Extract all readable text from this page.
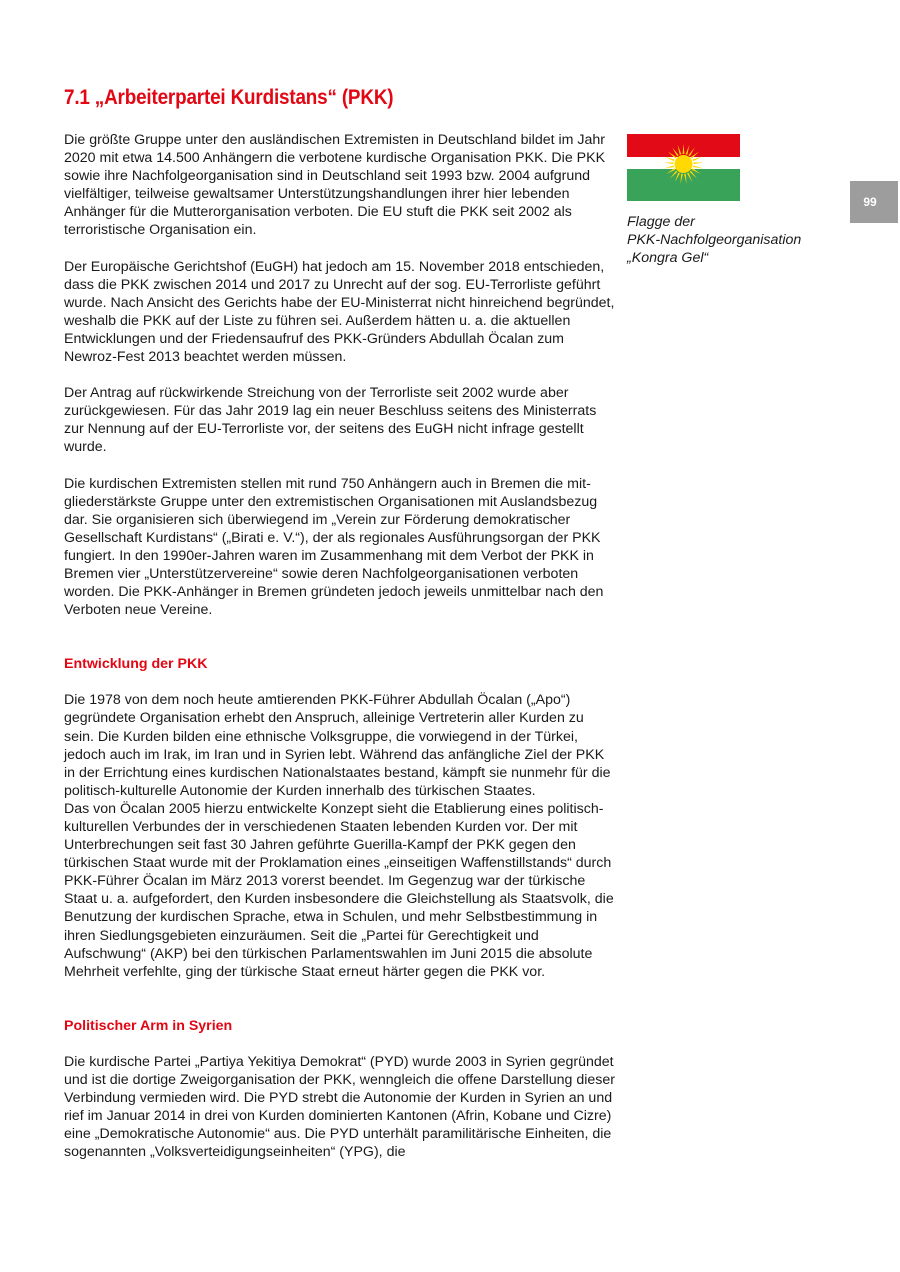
7.1 „Arbeiterpartei Kurdistans“ (PKK)

Die größte Gruppe unter den ausländischen Extremisten in Deutschland bildet im Jahr 2020 mit etwa 14.500 Anhängern die verbotene kurdische Organisation PKK. Die PKK sowie ihre Nachfolgeorganisation sind in Deutschland seit 1993 bzw. 2004 aufgrund vielfältiger, teilweise gewaltsamer Unterstützungshandlungen ihrer hier lebenden Anhänger für die Mutterorganisation verboten. Die EU stuft die PKK seit 2002 als terroristische Organisation ein.

Der Europäische Gerichtshof (EuGH) hat jedoch am 15. November 2018 entschieden, dass die PKK zwischen 2014 und 2017 zu Unrecht auf der sog. EU-Terrorliste geführt wurde. Nach Ansicht des Gerichts habe der EU-Ministerrat nicht hinreichend begründet, weshalb die PKK auf der Liste zu führen sei. Außerdem hätten u. a. die aktuellen Entwicklungen und der Friedensaufruf des PKK-Gründers Abdullah Öcalan zum Newroz-Fest 2013 beachtet werden müssen.

Der Antrag auf rückwirkende Streichung von der Terrorliste seit 2002 wurde aber zurückgewiesen. Für das Jahr 2019 lag ein neuer Beschluss seitens des Ministerrats zur Nennung auf der EU-Terrorliste vor, der seitens des EuGH nicht infrage gestellt wurde.

Die kurdischen Extremisten stellen mit rund 750 Anhängern auch in Bremen die mitgliederstärkste Gruppe unter den extremistischen Organisationen mit Auslandsbezug dar. Sie organisieren sich überwiegend im „Verein zur Förderung demokratischer Gesellschaft Kurdistans“ („Birati e. V.“), der als regionales Ausführungsorgan der PKK fungiert. In den 1990er-Jahren waren im Zusammenhang mit dem Verbot der PKK in Bremen vier „Unterstützervereine“ sowie deren Nachfolgeorganisationen verboten worden. Die PKK-Anhänger in Bremen gründeten jedoch jeweils unmittelbar nach den Verboten neue Vereine.

Entwicklung der PKK

Die 1978 von dem noch heute amtierenden PKK-Führer Abdullah Öcalan („Apo“) gegründete Organisation erhebt den Anspruch, alleinige Vertreterin aller Kurden zu sein. Die Kurden bilden eine ethnische Volksgruppe, die vorwiegend in der Türkei, jedoch auch im Irak, im Iran und in Syrien lebt. Während das anfängliche Ziel der PKK in der Errichtung eines kurdischen Nationalstaates bestand, kämpft sie nunmehr für die politisch-kulturelle Autonomie der Kurden innerhalb des türkischen Staates.

Das von Öcalan 2005 hierzu entwickelte Konzept sieht die Etablierung eines politisch-kulturellen Verbundes der in verschiedenen Staaten lebenden Kurden vor. Der mit Unterbrechungen seit fast 30 Jahren geführte Guerilla-Kampf der PKK gegen den türkischen Staat wurde mit der Proklamation eines „einseitigen Waffenstillstands“ durch PKK-Führer Öcalan im März 2013 vorerst beendet. Im Gegenzug war der türkische Staat u. a. aufgefordert, den Kurden insbesondere die Gleichstellung als Staatsvolk, die Benutzung der kurdischen Sprache, etwa in Schulen, und mehr Selbstbestimmung in ihren Siedlungsgebieten einzuräumen. Seit die „Partei für Gerechtigkeit und Aufschwung“ (AKP) bei den türkischen Parlamentswahlen im Juni 2015 die absolute Mehrheit verfehlte, ging der türkische Staat erneut härter gegen die PKK vor.

Politischer Arm in Syrien

Die kurdische Partei „Partiya Yekitiya Demokrat“ (PYD) wurde 2003 in Syrien gegründet und ist die dortige Zweigorganisation der PKK, wenngleich die offene Darstellung dieser Verbindung vermieden wird. Die PYD strebt die Autonomie der Kurden in Syrien an und rief im Januar 2014 in drei von Kurden dominierten Kantonen (Afrin, Kobane und Cizre) eine „Demokratische Autonomie“ aus. Die PYD unterhält paramilitärische Einheiten, die sogenannten „Volksverteidigungseinheiten“ (YPG), die

Flagge der
PKK-Nachfolgeorganisation
„Kongra Gel“
99
